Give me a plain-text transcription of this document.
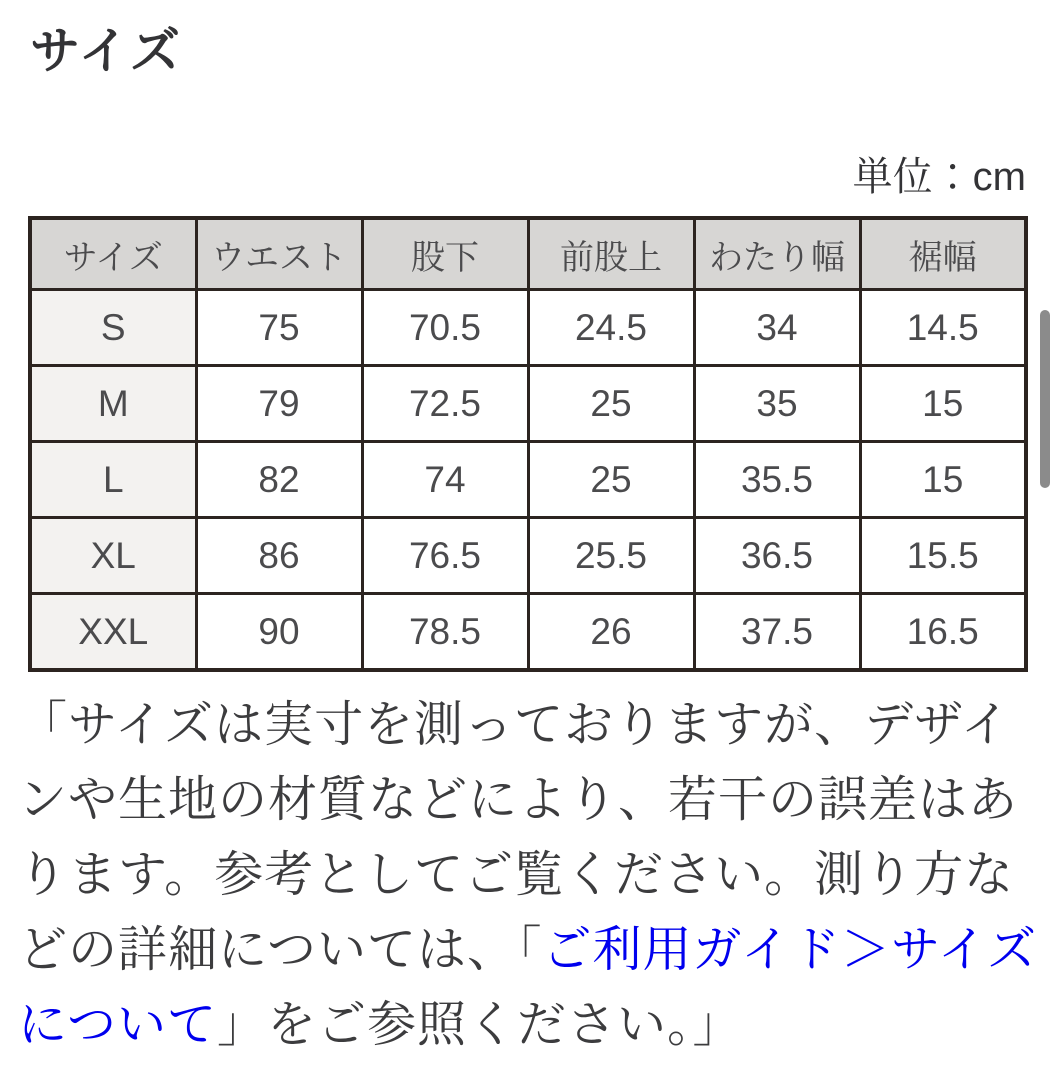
サイズ
単位：cm
サイズ	ウエスト	股下	前股上	わたり幅	裾幅
S	75	70.5	24.5	34	14.5
M	79	72.5	25	35	15
L	82	74	25	35.5	15
XL	86	76.5	25.5	36.5	15.5
XXL	90	78.5	26	37.5	16.5

「サイズは実寸を測っておりますが、デザインや生地の材質などにより、若干の誤差はあります。参考としてご覧ください。測り方などの詳細については、「ご利用ガイド＞サイズについて」をご参照ください。」
